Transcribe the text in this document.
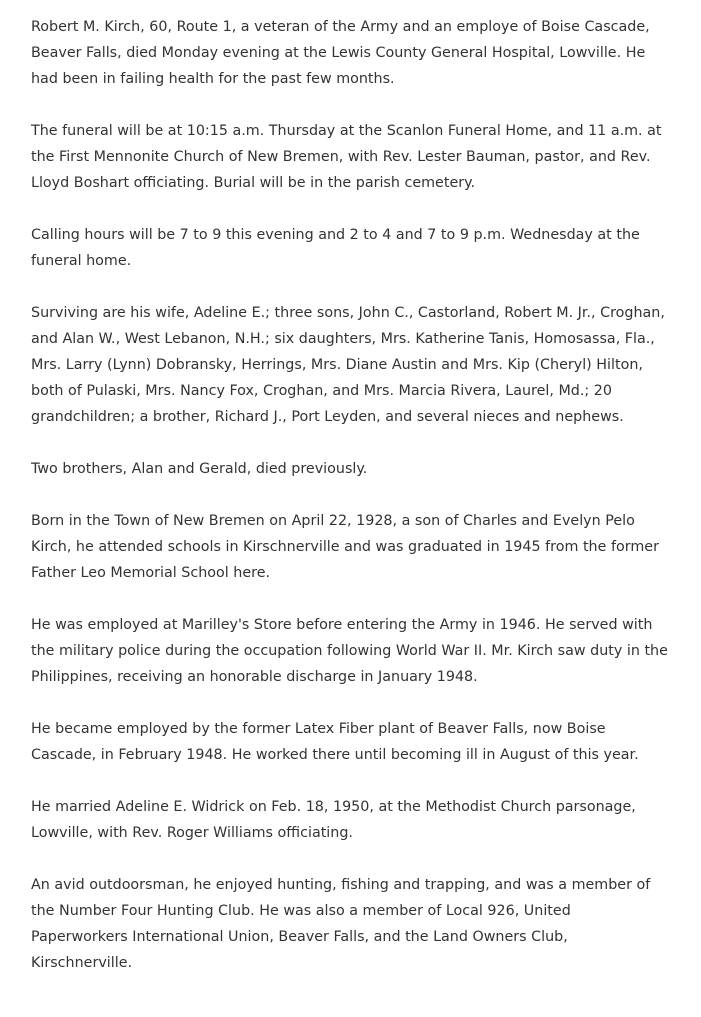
Robert M. Kirch, 60, Route 1, a veteran of the Army and an employe of Boise Cascade, Beaver Falls, died Monday evening at the Lewis County General Hospital, Lowville. He had been in failing health for the past few months.

The funeral will be at 10:15 a.m. Thursday at the Scanlon Funeral Home, and 11 a.m. at the First Mennonite Church of New Bremen, with Rev. Lester Bauman, pastor, and Rev. Lloyd Boshart officiating. Burial will be in the parish cemetery.

Calling hours will be 7 to 9 this evening and 2 to 4 and 7 to 9 p.m. Wednesday at the funeral home.

Surviving are his wife, Adeline E.; three sons, John C., Castorland, Robert M. Jr., Croghan, and Alan W., West Lebanon, N.H.; six daughters, Mrs. Katherine Tanis, Homosassa, Fla., Mrs. Larry (Lynn) Dobransky, Herrings, Mrs. Diane Austin and Mrs. Kip (Cheryl) Hilton, both of Pulaski, Mrs. Nancy Fox, Croghan, and Mrs. Marcia Rivera, Laurel, Md.; 20 grandchildren; a brother, Richard J., Port Leyden, and several nieces and nephews.

Two brothers, Alan and Gerald, died previously.

Born in the Town of New Bremen on April 22, 1928, a son of Charles and Evelyn Pelo Kirch, he attended schools in Kirschnerville and was graduated in 1945 from the former Father Leo Memorial School here.

He was employed at Marilley's Store before entering the Army in 1946. He served with the military police during the occupation following World War II. Mr. Kirch saw duty in the Philippines, receiving an honorable discharge in January 1948.

He became employed by the former Latex Fiber plant of Beaver Falls, now Boise Cascade, in February 1948. He worked there until becoming ill in August of this year.

He married Adeline E. Widrick on Feb. 18, 1950, at the Methodist Church parsonage, Lowville, with Rev. Roger Williams officiating.

An avid outdoorsman, he enjoyed hunting, fishing and trapping, and was a member of the Number Four Hunting Club. He was also a member of Local 926, United Paperworkers International Union, Beaver Falls, and the Land Owners Club, Kirschnerville.
